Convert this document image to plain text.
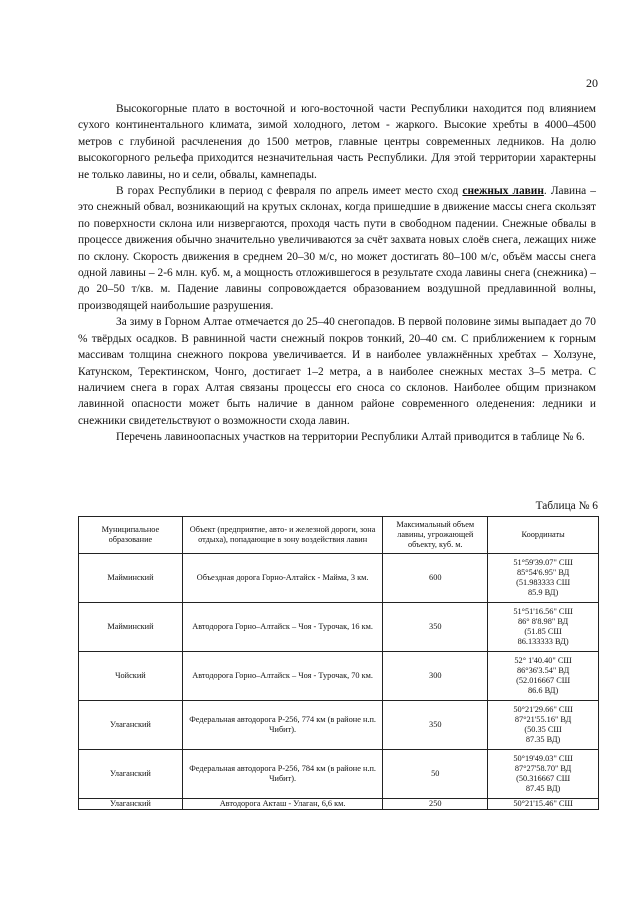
20

Высокогорные плато в восточной и юго-восточной части Республики находится под влиянием сухого континентального климата, зимой холодного, летом - жаркого. Высокие хребты в 4000–4500 метров с глубиной расчленения до 1500 метров, главные центры современных ледников. На долю высокогорного рельефа приходится незначительная часть Республики. Для этой территории характерны не только лавины, но и сели, обвалы, камнепады.

В горах Республики в период с февраля по апрель имеет место сход снежных лавин. Лавина – это снежный обвал, возникающий на крутых склонах, когда пришедшие в движение массы снега скользят по поверхности склона или низвергаются, проходя часть пути в свободном падении. Снежные обвалы в процессе движения обычно значительно увеличиваются за счёт захвата новых слоёв снега, лежащих ниже по склону. Скорость движения в среднем 20–30 м/с, но может достигать 80–100 м/с, объём массы снега одной лавины – 2-6 млн. куб. м, а мощность отложившегося в результате схода лавины снега (снежника) – до 20–50 т/кв. м. Падение лавины сопровождается образованием воздушной предлавинной волны, производящей наибольшие разрушения.

За зиму в Горном Алтае отмечается до 25–40 снегопадов. В первой половине зимы выпадает до 70 % твёрдых осадков. В равнинной части снежный покров тонкий, 20–40 см. С приближением к горным массивам толщина снежного покрова увеличивается. И в наиболее увлажнённых хребтах – Холзуне, Катунском, Теректинском, Чонго, достигает 1–2 метра, а в наиболее снежных местах 3–5 метра. С наличием снега в горах Алтая связаны процессы его сноса со склонов. Наиболее общим признаком лавинной опасности может быть наличие в данном районе современного оледенения: ледники и снежники свидетельствуют о возможности схода лавин.

Перечень лавиноопасных участков на территории Республики Алтай приводится в таблице № 6.

Таблица № 6
Муниципальное образование	Объект (предприятие, авто- и железной дороги, зона отдыха), попадающие в зону воздействия лавин	Максимальный объем лавины, угрожающей объекту, куб. м.	Координаты
Майминский	Объездная дорога Горно-Алтайск - Майма, 3 км.	600	51°59'39.07" СШ
85°54'6.95" ВД
(51.983333 СШ
85.9 ВД)

Майминский	Автодорога Горно–Алтайск – Чоя - Турочак, 16 км.	350	51°51'16.56" СШ
86° 8'8.98" ВД
(51.85 СШ
86.133333 ВД)

Чойский	Автодорога Горно–Алтайск – Чоя - Турочак, 70 км.	300	52° 1'40.40" СШ
86°36'3.54" ВД
(52.016667 СШ
86.6 ВД)

Улаганский	Федеральная автодорога Р-256, 774 км (в районе н.п. Чибит).	350	50°21'29.66" СШ
87°21'55.16" ВД
(50.35 СШ
87.35 ВД)

Улаганский	Федеральная автодорога Р-256, 784 км (в районе н.п. Чибит).	50	50°19'49.03" СШ
87°27'58.70" ВД
(50.316667 СШ
87.45 ВД)

Улаганский	Автодорога Акташ - Улаган, 6,6 км.	250	50°21'15.46" СШ
